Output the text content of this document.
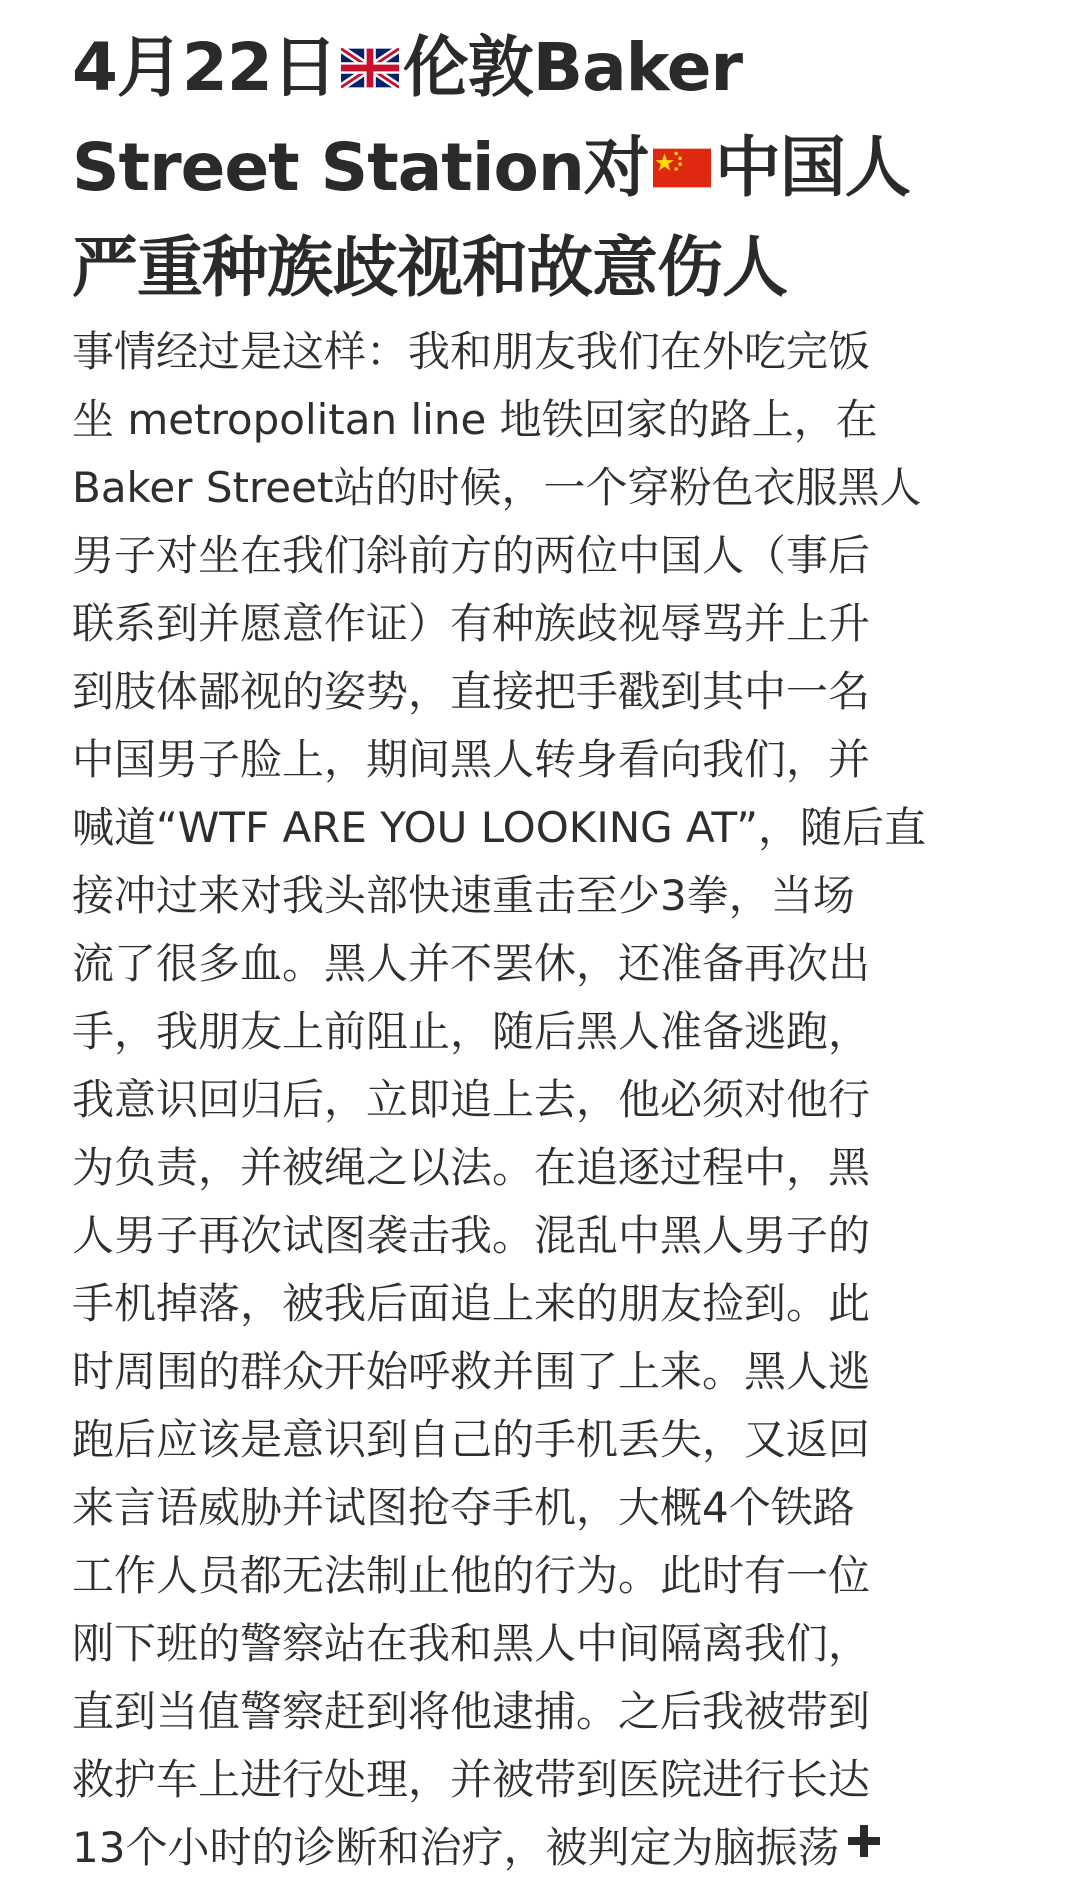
4月22日 伦敦Baker
Street Station对 中国人
严重种族歧视和故意伤人
事情经过是这样：我和朋友我们在外吃完饭
坐 metropolitan line 地铁回家的路上，在
Baker Street站的时候，一个穿粉色衣服黑人
男子对坐在我们斜前方的两位中国人（事后
联系到并愿意作证）有种族歧视辱骂并上升
到肢体鄙视的姿势，直接把手戳到其中一名
中国男子脸上，期间黑人转身看向我们，并
喊道“WTF ARE YOU LOOKING AT”，随后直
接冲过来对我头部快速重击至少3拳，当场
流了很多血。黑人并不罢休，还准备再次出
手，我朋友上前阻止，随后黑人准备逃跑，
我意识回归后，立即追上去，他必须对他行
为负责，并被绳之以法。在追逐过程中，黑
人男子再次试图袭击我。混乱中黑人男子的
手机掉落，被我后面追上来的朋友捡到。此
时周围的群众开始呼救并围了上来。黑人逃
跑后应该是意识到自己的手机丢失，又返回
来言语威胁并试图抢夺手机，大概4个铁路
工作人员都无法制止他的行为。此时有一位
刚下班的警察站在我和黑人中间隔离我们，
直到当值警察赶到将他逮捕。之后我被带到
救护车上进行处理，并被带到医院进行长达
13个小时的诊断和治疗，被判定为脑振荡
